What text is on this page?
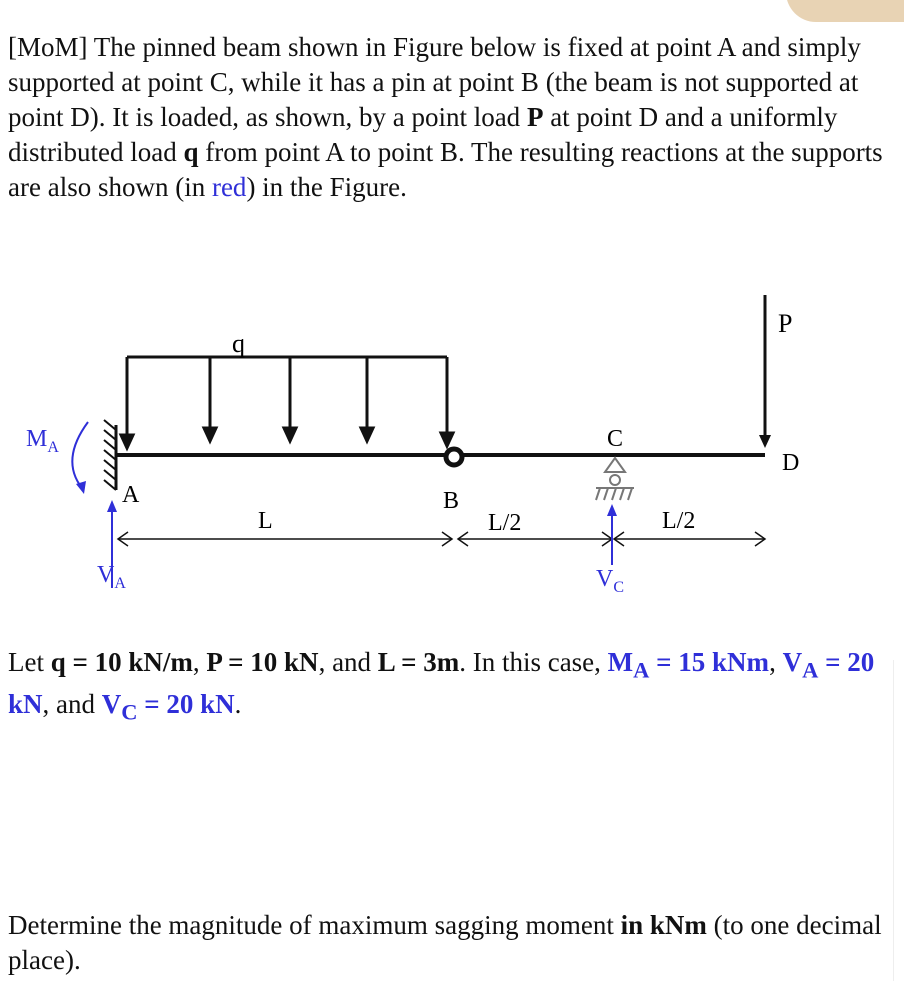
[MoM] The pinned beam shown in Figure below is fixed at point A and simply supported at point C, while it has a pin at point B (the beam is not supported at point D). It is loaded, as shown, by a point load P at point D and a uniformly distributed load q from point A to point B. The resulting reactions at the supports are also shown (in red) in the Figure.

q
P
A	B
C
D
L	L/2	L/2
$M_A$
$V_A$	$V_C$

Let q = 10 kN/m, P = 10 kN, and L = 3m. In this case, $M_A = 15$ kNm, $V_A = 20$ kN, and $V_C = 20$ kN.

Determine the magnitude of maximum sagging moment in kNm (to one decimal place).
